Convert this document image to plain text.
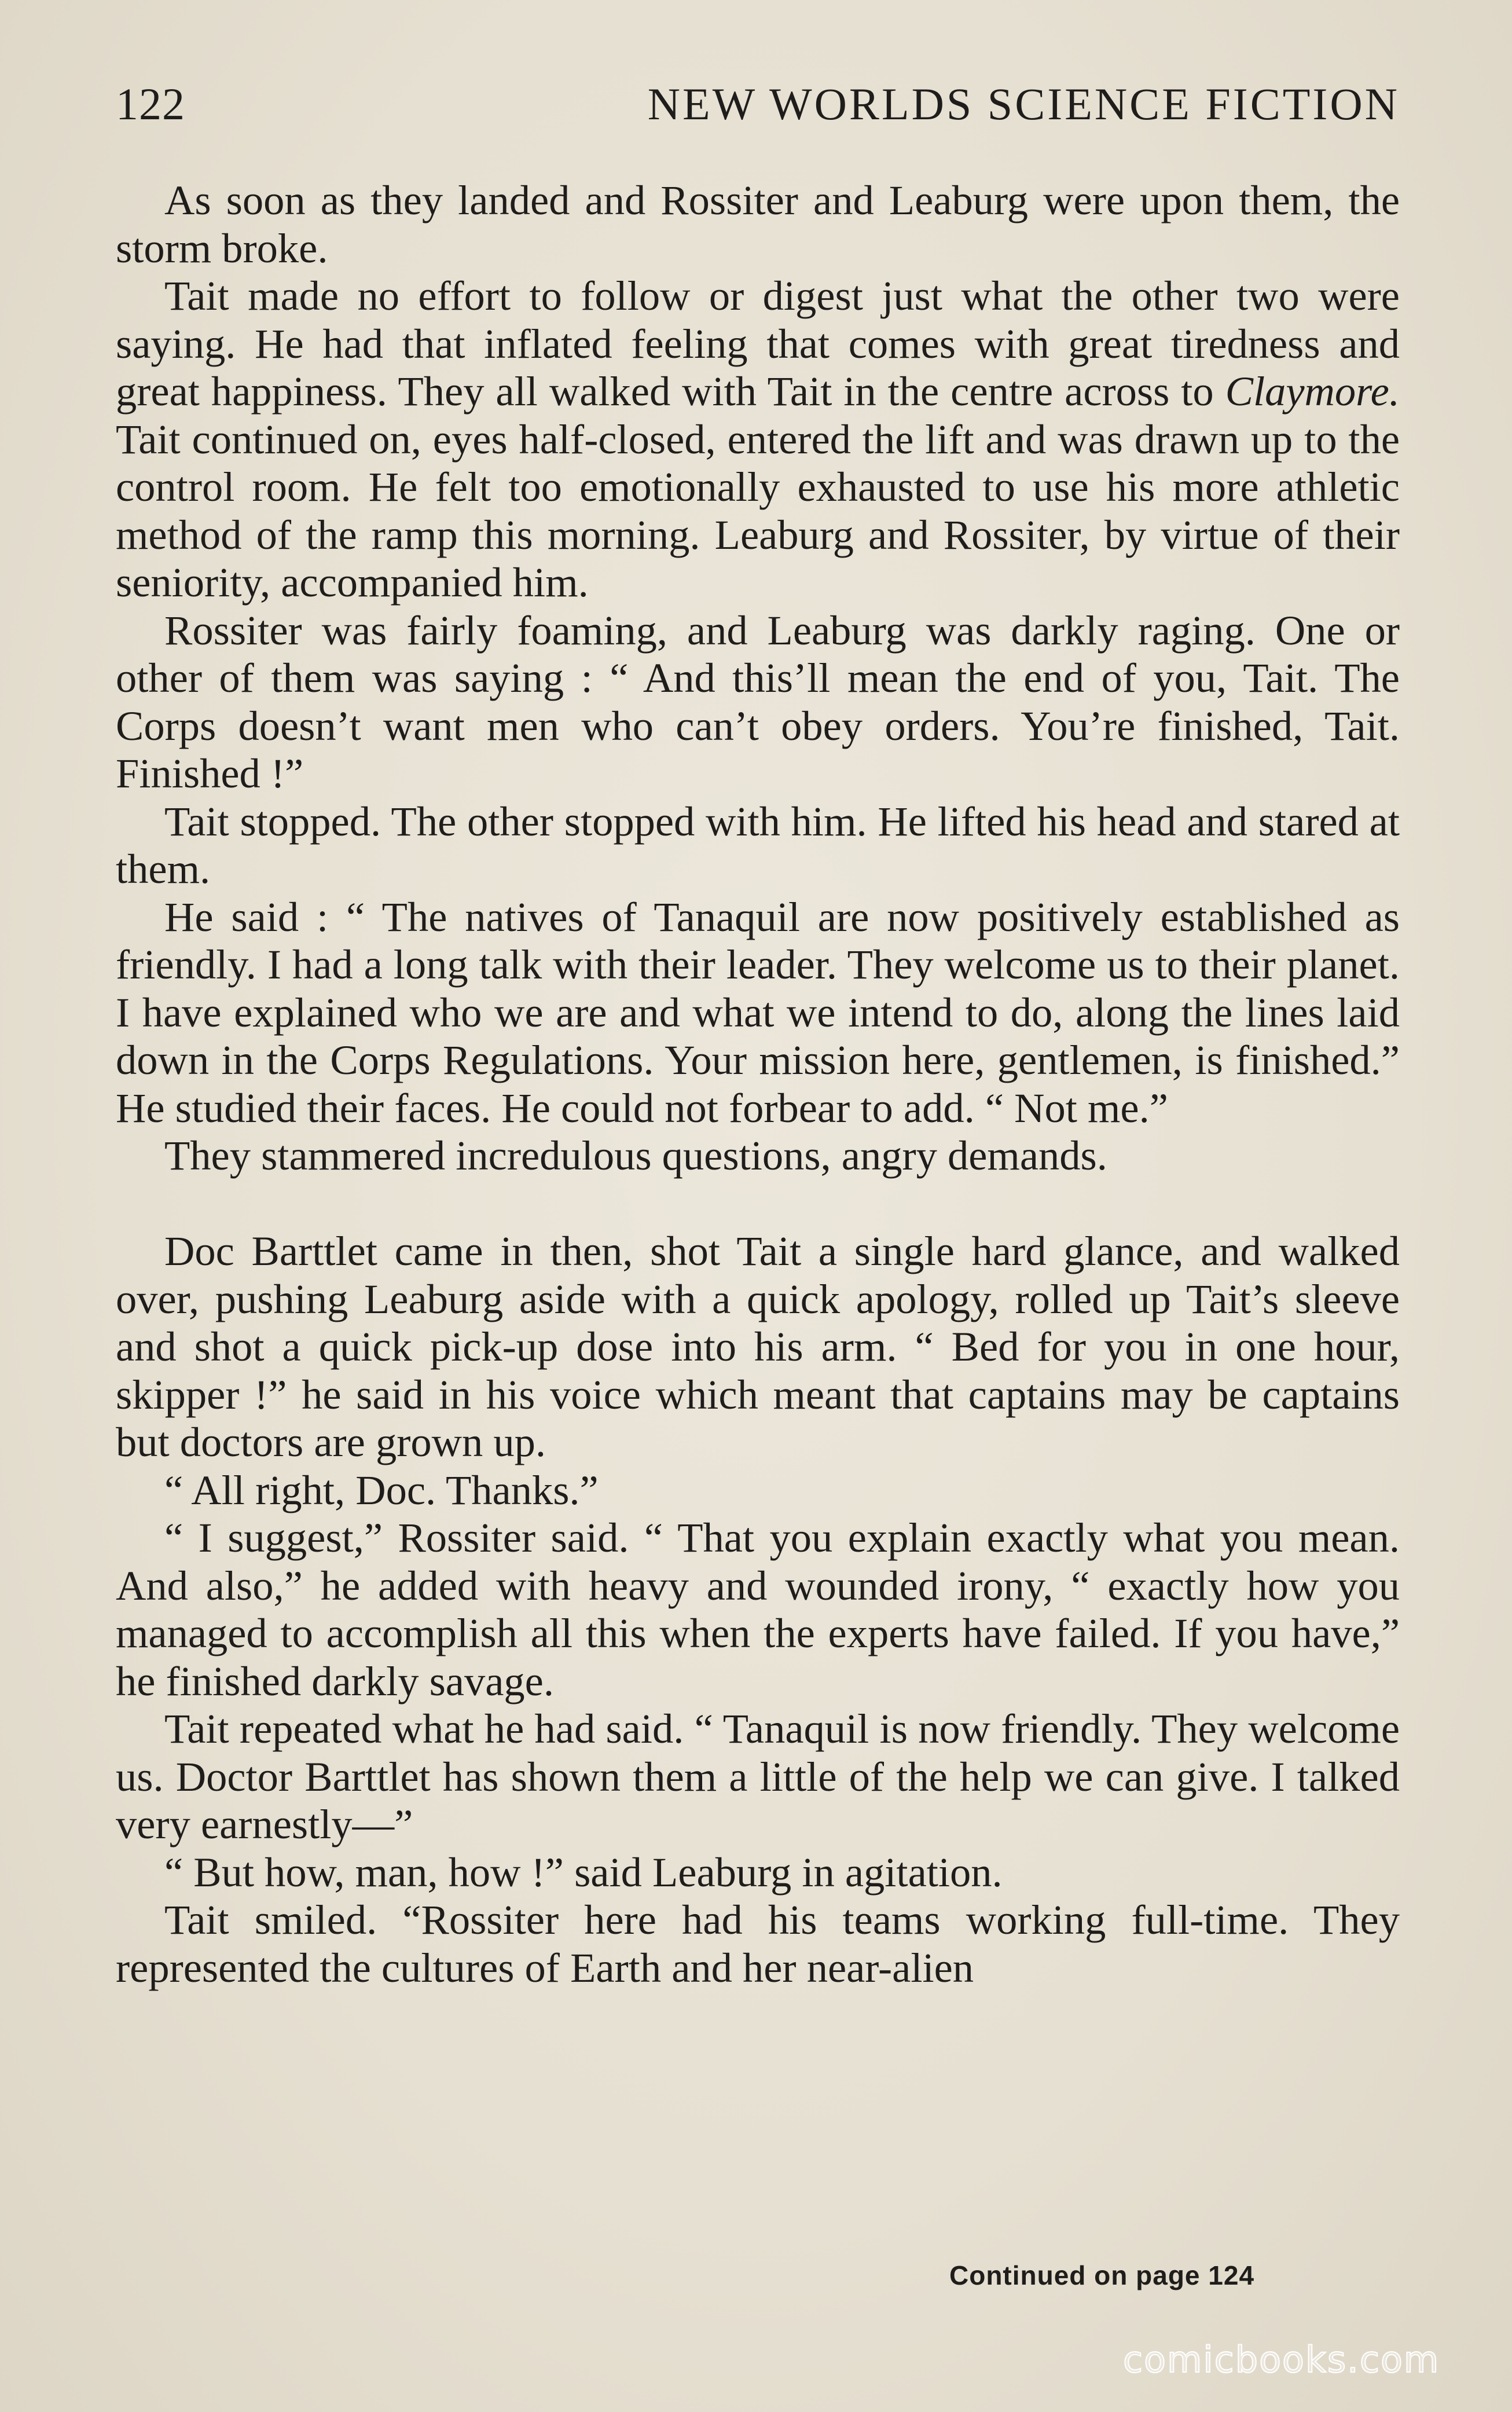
122	NEW WORLDS SCIENCE FICTION

As soon as they landed and Rossiter and Leaburg were upon them, the storm broke.

Tait made no effort to follow or digest just what the other two were saying. He had that inflated feeling that comes with great tiredness and great happiness. They all walked with Tait in the centre across to Claymore. Tait continued on, eyes half-closed, entered the lift and was drawn up to the control room. He felt too emotionally exhausted to use his more athletic method of the ramp this morning. Leaburg and Rossiter, by virtue of their seniority, accompanied him.

Rossiter was fairly foaming, and Leaburg was darkly raging. One or other of them was saying : “ And this’ll mean the end of you, Tait. The Corps doesn’t want men who can’t obey orders. You’re finished, Tait. Finished !”

Tait stopped. The other stopped with him. He lifted his head and stared at them.

He said : “ The natives of Tanaquil are now positively established as friendly. I had a long talk with their leader. They welcome us to their planet. I have explained who we are and what we intend to do, along the lines laid down in the Corps Regulations. Your mission here, gentlemen, is finished.” He studied their faces. He could not forbear to add. “ Not me.”

They stammered incredulous questions, angry demands.

Doc Barttlet came in then, shot Tait a single hard glance, and walked over, pushing Leaburg aside with a quick apology, rolled up Tait’s sleeve and shot a quick pick-up dose into his arm. “ Bed for you in one hour, skipper !” he said in his voice which meant that captains may be captains but doctors are grown up.

“ All right, Doc. Thanks.”

“ I suggest,” Rossiter said. “ That you explain exactly what you mean. And also,” he added with heavy and wounded irony, “ exactly how you managed to accomplish all this when the experts have failed. If you have,” he finished darkly savage.

Tait repeated what he had said. “ Tanaquil is now friendly. They welcome us. Doctor Barttlet has shown them a little of the help we can give. I talked very earnestly—”

“ But how, man, how !” said Leaburg in agitation.

Tait smiled. “Rossiter here had his teams working full-time. They represented the cultures of Earth and her near-alien

Continued on page 124
comicbooks.com
